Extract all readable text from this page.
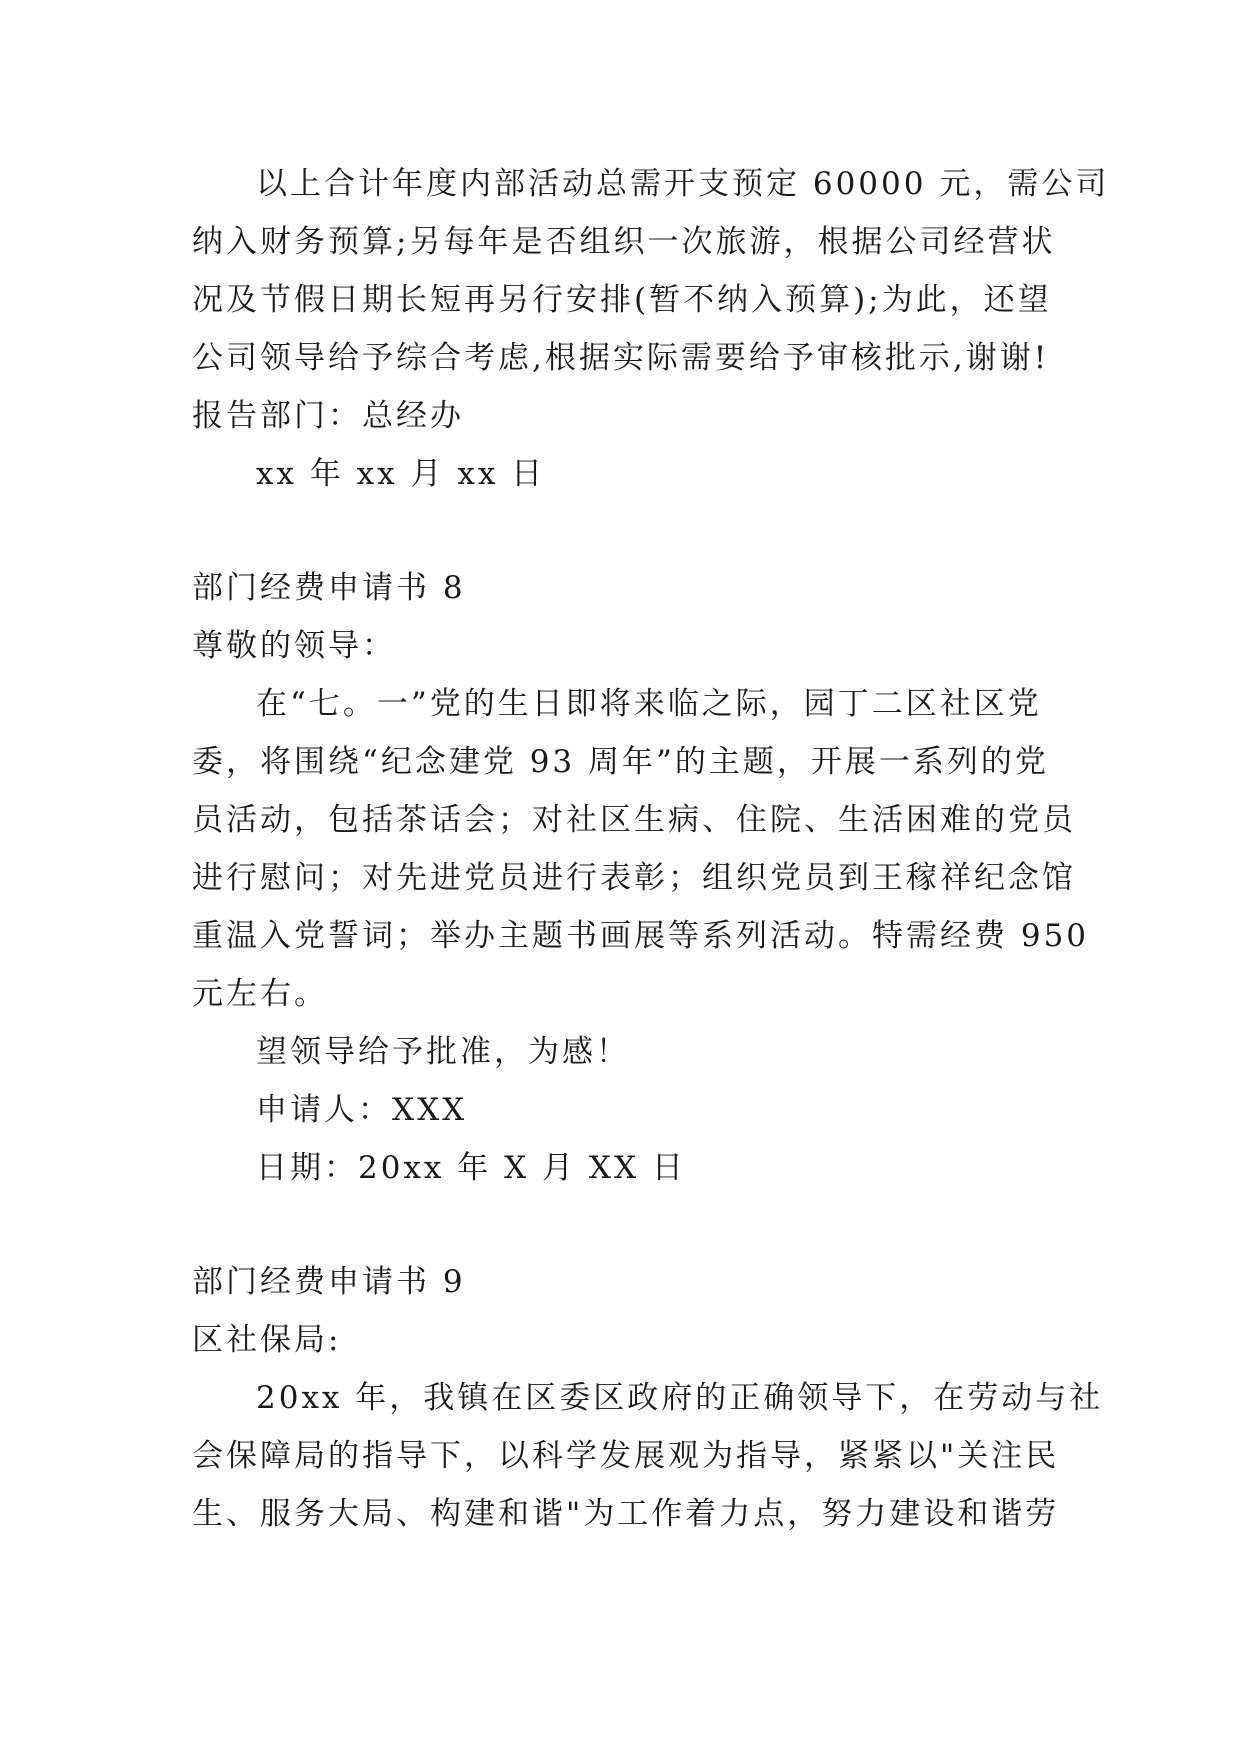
以上合计年度内部活动总需开支预定 60000 元，需公司
纳入财务预算;另每年是否组织一次旅游，根据公司经营状
况及节假日期长短再另行安排(暂不纳入预算);为此，还望
公司领导给予综合考虑,根据实际需要给予审核批示,谢谢!
报告部门：总经办
xx 年 xx 月 xx 日
部门经费申请书 8
尊敬的领导：
在“七。一”党的生日即将来临之际，园丁二区社区党
委，将围绕“纪念建党 93 周年”的主题，开展一系列的党
员活动，包括茶话会；对社区生病、住院、生活困难的党员
进行慰问；对先进党员进行表彰；组织党员到王稼祥纪念馆
重温入党誓词；举办主题书画展等系列活动。特需经费 950
元左右。
望领导给予批准，为感！
申请人：XXX
日期：20xx 年 X 月 XX 日
部门经费申请书 9
区社保局:
20xx 年，我镇在区委区政府的正确领导下，在劳动与社
会保障局的指导下，以科学发展观为指导，紧紧以"关注民
生、服务大局、构建和谐"为工作着力点，努力建设和谐劳
